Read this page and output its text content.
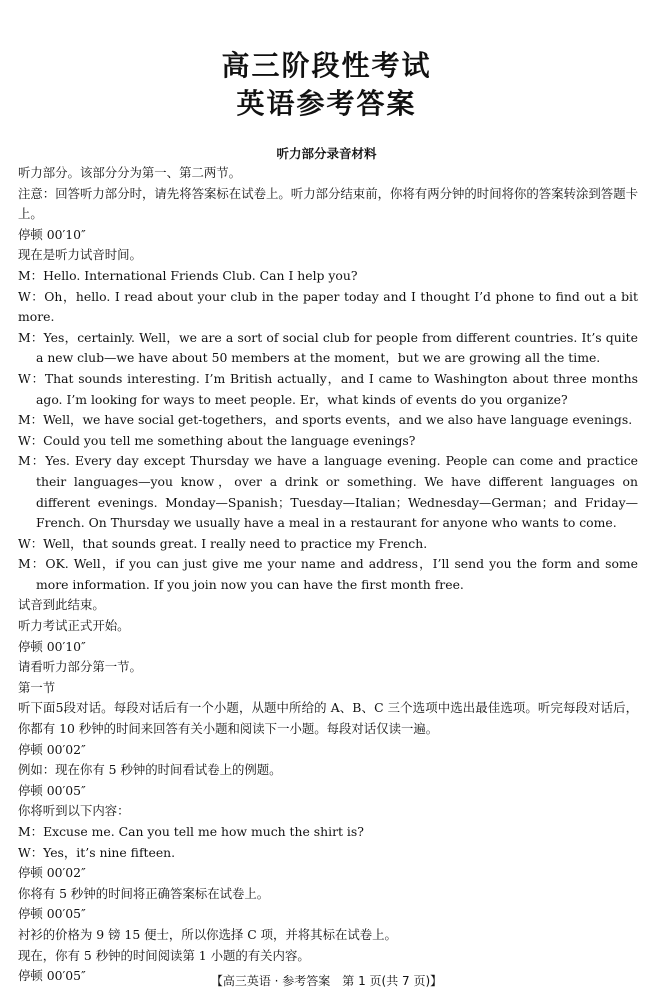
高三阶段性考试
英语参考答案
听力部分录音材料

听力部分。该部分分为第一、第二两节。

注意：回答听力部分时，请先将答案标在试卷上。听力部分结束前，你将有两分钟的时间将你的答案转涂到答题卡上。

停顿 00′10″

现在是听力试音时间。

M：Hello. International Friends Club. Can I help you?

W：Oh，hello. I read about your club in the paper today and I thought I’d phone to find out a bit more.

M：Yes，certainly. Well，we are a sort of social club for people from different countries. It’s quite a new club—we have about 50 members at the moment，but we are growing all the time.

W：That sounds interesting. I’m British actually，and I came to Washington about three months ago. I’m looking for ways to meet people. Er，what kinds of events do you organize?

M：Well，we have social get-togethers，and sports events，and we also have language evenings.

W：Could you tell me something about the language evenings?

M：Yes. Every day except Thursday we have a language evening. People can come and practice their languages—you know，over a drink or something. We have different languages on different evenings. Monday—Spanish；Tuesday—Italian；Wednesday—German；and Friday—French. On Thursday we usually have a meal in a restaurant for anyone who wants to come.

W：Well，that sounds great. I really need to practice my French.

M：OK. Well，if you can just give me your name and address，I’ll send you the form and some more information. If you join now you can have the first month free.

试音到此结束。

听力考试正式开始。

停顿 00′10″

请看听力部分第一节。

第一节

听下面5段对话。每段对话后有一个小题，从题中所给的 A、B、C 三个选项中选出最佳选项。听完每段对话后，你都有 10 秒钟的时间来回答有关小题和阅读下一小题。每段对话仅读一遍。

停顿 00′02″

例如：现在你有 5 秒钟的时间看试卷上的例题。

停顿 00′05″

你将听到以下内容：

M：Excuse me. Can you tell me how much the shirt is?

W：Yes，it’s nine fifteen.

停顿 00′02″

你将有 5 秒钟的时间将正确答案标在试卷上。

停顿 00′05″

衬衫的价格为 9 镑 15 便士，所以你选择 C 项，并将其标在试卷上。

现在，你有 5 秒钟的时间阅读第 1 小题的有关内容。

停顿 00′05″	【高三英语 · 参考答案　第 1 页(共 7 页)】
